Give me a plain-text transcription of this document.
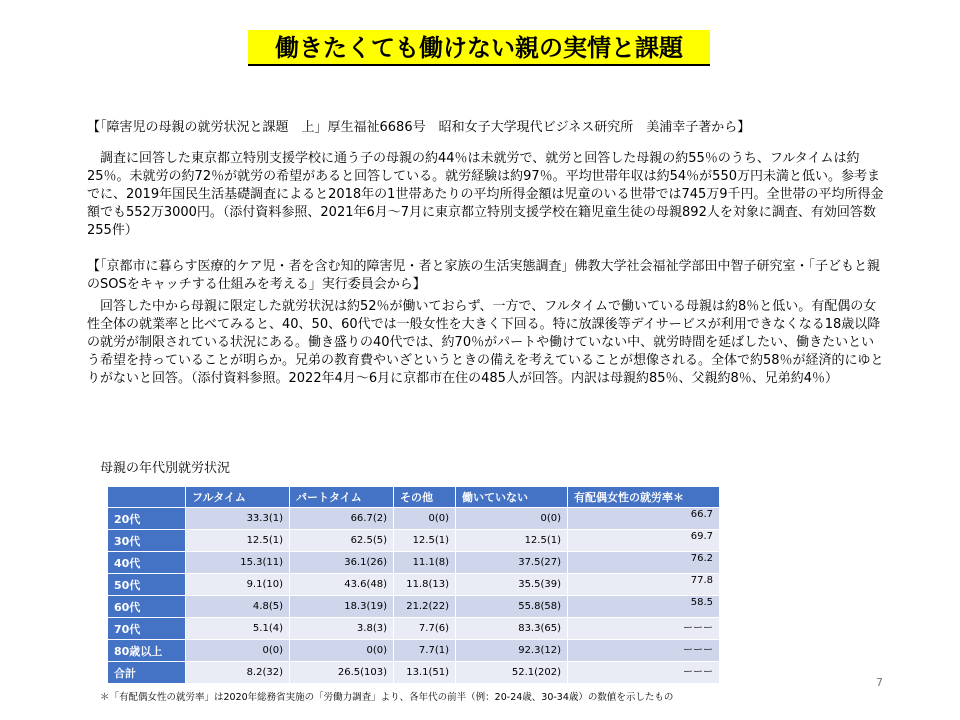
働きたくても働けない親の実情と課題

【「障害児の母親の就労状況と課題　上」厚生福祉6686号　昭和女子大学現代ビジネス研究所　美浦幸子著から】

調査に回答した東京都立特別支援学校に通う子の母親の約44％は未就労で、就労と回答した母親の約55％のうち、フルタイムは約25％。未就労の約72％が就労の希望があると回答している。就労経験は約97％。平均世帯年収は約54％が550万円未満と低い。参考までに、2019年国民生活基礎調査によると2018年の1世帯あたりの平均所得金額は児童のいる世帯では745万9千円。全世帯の平均所得金額でも552万3000円。（添付資料参照、2021年6月～7月に東京都立特別支援学校在籍児童生徒の母親892人を対象に調査、有効回答数255件）

【「京都市に暮らす医療的ケア児・者を含む知的障害児・者と家族の生活実態調査」佛教大学社会福祉学部田中智子研究室・「子どもと親のSOSをキャッチする仕組みを考える」実行委員会から】

回答した中から母親に限定した就労状況は約52％が働いておらず、一方で、フルタイムで働いている母親は約8％と低い。有配偶の女性全体の就業率と比べてみると、40、50、60代では一般女性を大きく下回る。特に放課後等デイサービスが利用できなくなる18歳以降の就労が制限されている状況にある。働き盛りの40代では、約70％がパートや働けていない中、就労時間を延ばしたい、働きたいという希望を持っていることが明らか。兄弟の教育費やいざというときの備えを考えていることが想像される。全体で約58％が経済的にゆとりがないと回答。（添付資料参照。2022年4月～6月に京都市在住の485人が回答。内訳は母親約85％、父親約8％、兄弟約4％）

母親の年代別就労状況
	フルタイム	パートタイム	その他	働いていない	有配偶女性の就労率＊
20代	33.3(1)	66.7(2)	0(0)	0(0)	66.7
30代	12.5(1)	62.5(5)	12.5(1)	12.5(1)	69.7
40代	15.3(11)	36.1(26)	11.1(8)	37.5(27)	76.2
50代	9.1(10)	43.6(48)	11.8(13)	35.5(39)	77.8
60代	4.8(5)	18.3(19)	21.2(22)	55.8(58)	58.5
70代	5.1(4)	3.8(3)	7.7(6)	83.3(65)	ーーー
80歳以上	0(0)	0(0)	7.7(1)	92.3(12)	ーーー
合計	8.2(32)	26.5(103)	13.1(51)	52.1(202)	ーーー
7
＊「有配偶女性の就労率」は2020年総務省実施の「労働力調査」より、各年代の前半（例：20-24歳、30-34歳）の数値を示したもの
